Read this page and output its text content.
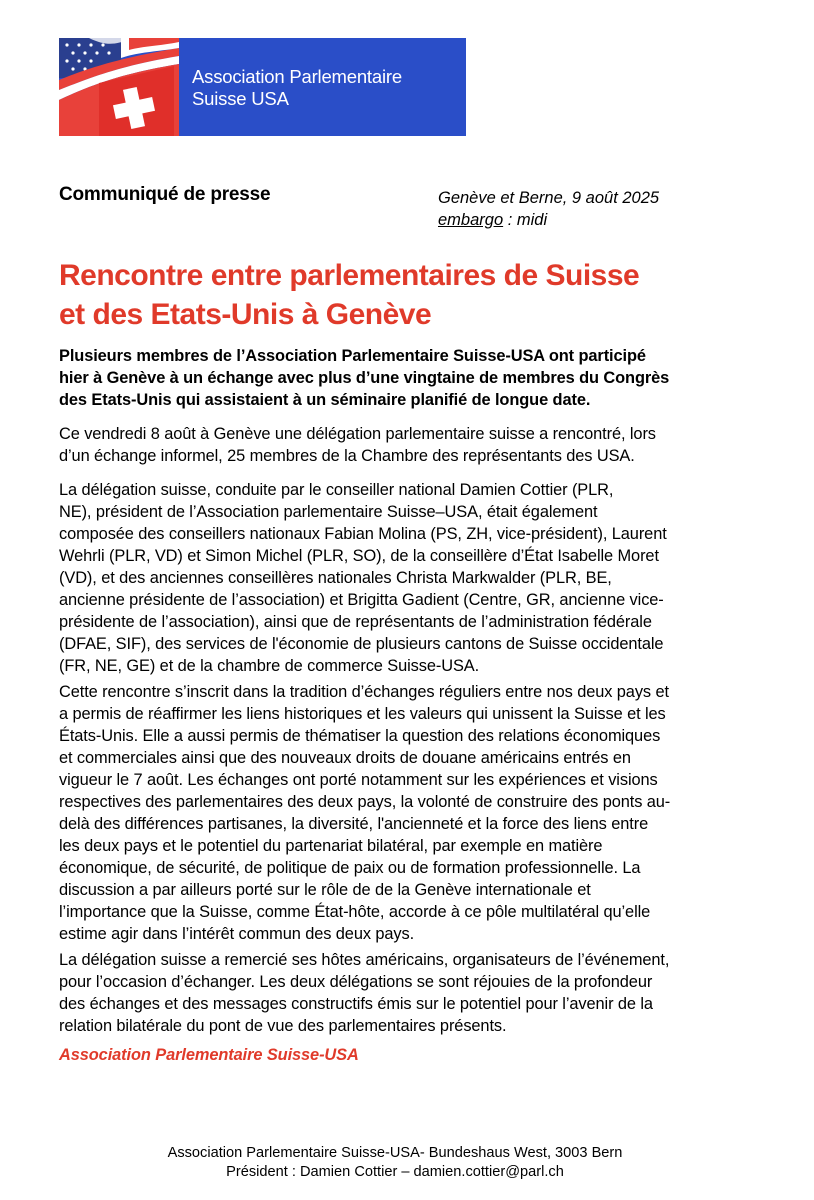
Association Parlementaire
Suisse USA
Communiqué de presse	Genève et Berne, 9 août 2025
embargo : midi
Rencontre entre parlementaires de Suisse
et des Etats-Unis à Genève
Plusieurs membres de l’Association Parlementaire Suisse-USA ont participé
hier à Genève à un échange avec plus d’une vingtaine de membres du Congrès
des Etats-Unis qui assistaient à un séminaire planifié de longue date.
Ce vendredi 8 août à Genève une délégation parlementaire suisse a rencontré, lors
d’un échange informel, 25 membres de la Chambre des représentants des USA.
La délégation suisse, conduite par le conseiller national Damien Cottier (PLR,
NE), président de l’Association parlementaire Suisse–USA, était également
composée des conseillers nationaux Fabian Molina (PS, ZH, vice-président), Laurent
Wehrli (PLR, VD) et Simon Michel (PLR, SO), de la conseillère d’État Isabelle Moret
(VD), et des anciennes conseillères nationales Christa Markwalder (PLR, BE,
ancienne présidente de l’association) et Brigitta Gadient (Centre, GR, ancienne vice-
présidente de l’association), ainsi que de représentants de l’administration fédérale
(DFAE, SIF), des services de l'économie de plusieurs cantons de Suisse occidentale
(FR, NE, GE) et de la chambre de commerce Suisse-USA.
Cette rencontre s’inscrit dans la tradition d’échanges réguliers entre nos deux pays et
a permis de réaffirmer les liens historiques et les valeurs qui unissent la Suisse et les
États-Unis. Elle a aussi permis de thématiser la question des relations économiques
et commerciales ainsi que des nouveaux droits de douane américains entrés en
vigueur le 7 août. Les échanges ont porté notamment sur les expériences et visions
respectives des parlementaires des deux pays, la volonté de construire des ponts au-
delà des différences partisanes, la diversité, l'ancienneté et la force des liens entre
les deux pays et le potentiel du partenariat bilatéral, par exemple en matière
économique, de sécurité, de politique de paix ou de formation professionnelle. La
discussion a par ailleurs porté sur le rôle de de la Genève internationale et
l’importance que la Suisse, comme État-hôte, accorde à ce pôle multilatéral qu’elle
estime agir dans l’intérêt commun des deux pays.
La délégation suisse a remercié ses hôtes américains, organisateurs de l’événement,
pour l’occasion d’échanger. Les deux délégations se sont réjouies de la profondeur
des échanges et des messages constructifs émis sur le potentiel pour l’avenir de la
relation bilatérale du pont de vue des parlementaires présents.
Association Parlementaire Suisse-USA
Association Parlementaire Suisse-USA- Bundeshaus West, 3003 Bern
Président : Damien Cottier – damien.cottier@parl.ch
